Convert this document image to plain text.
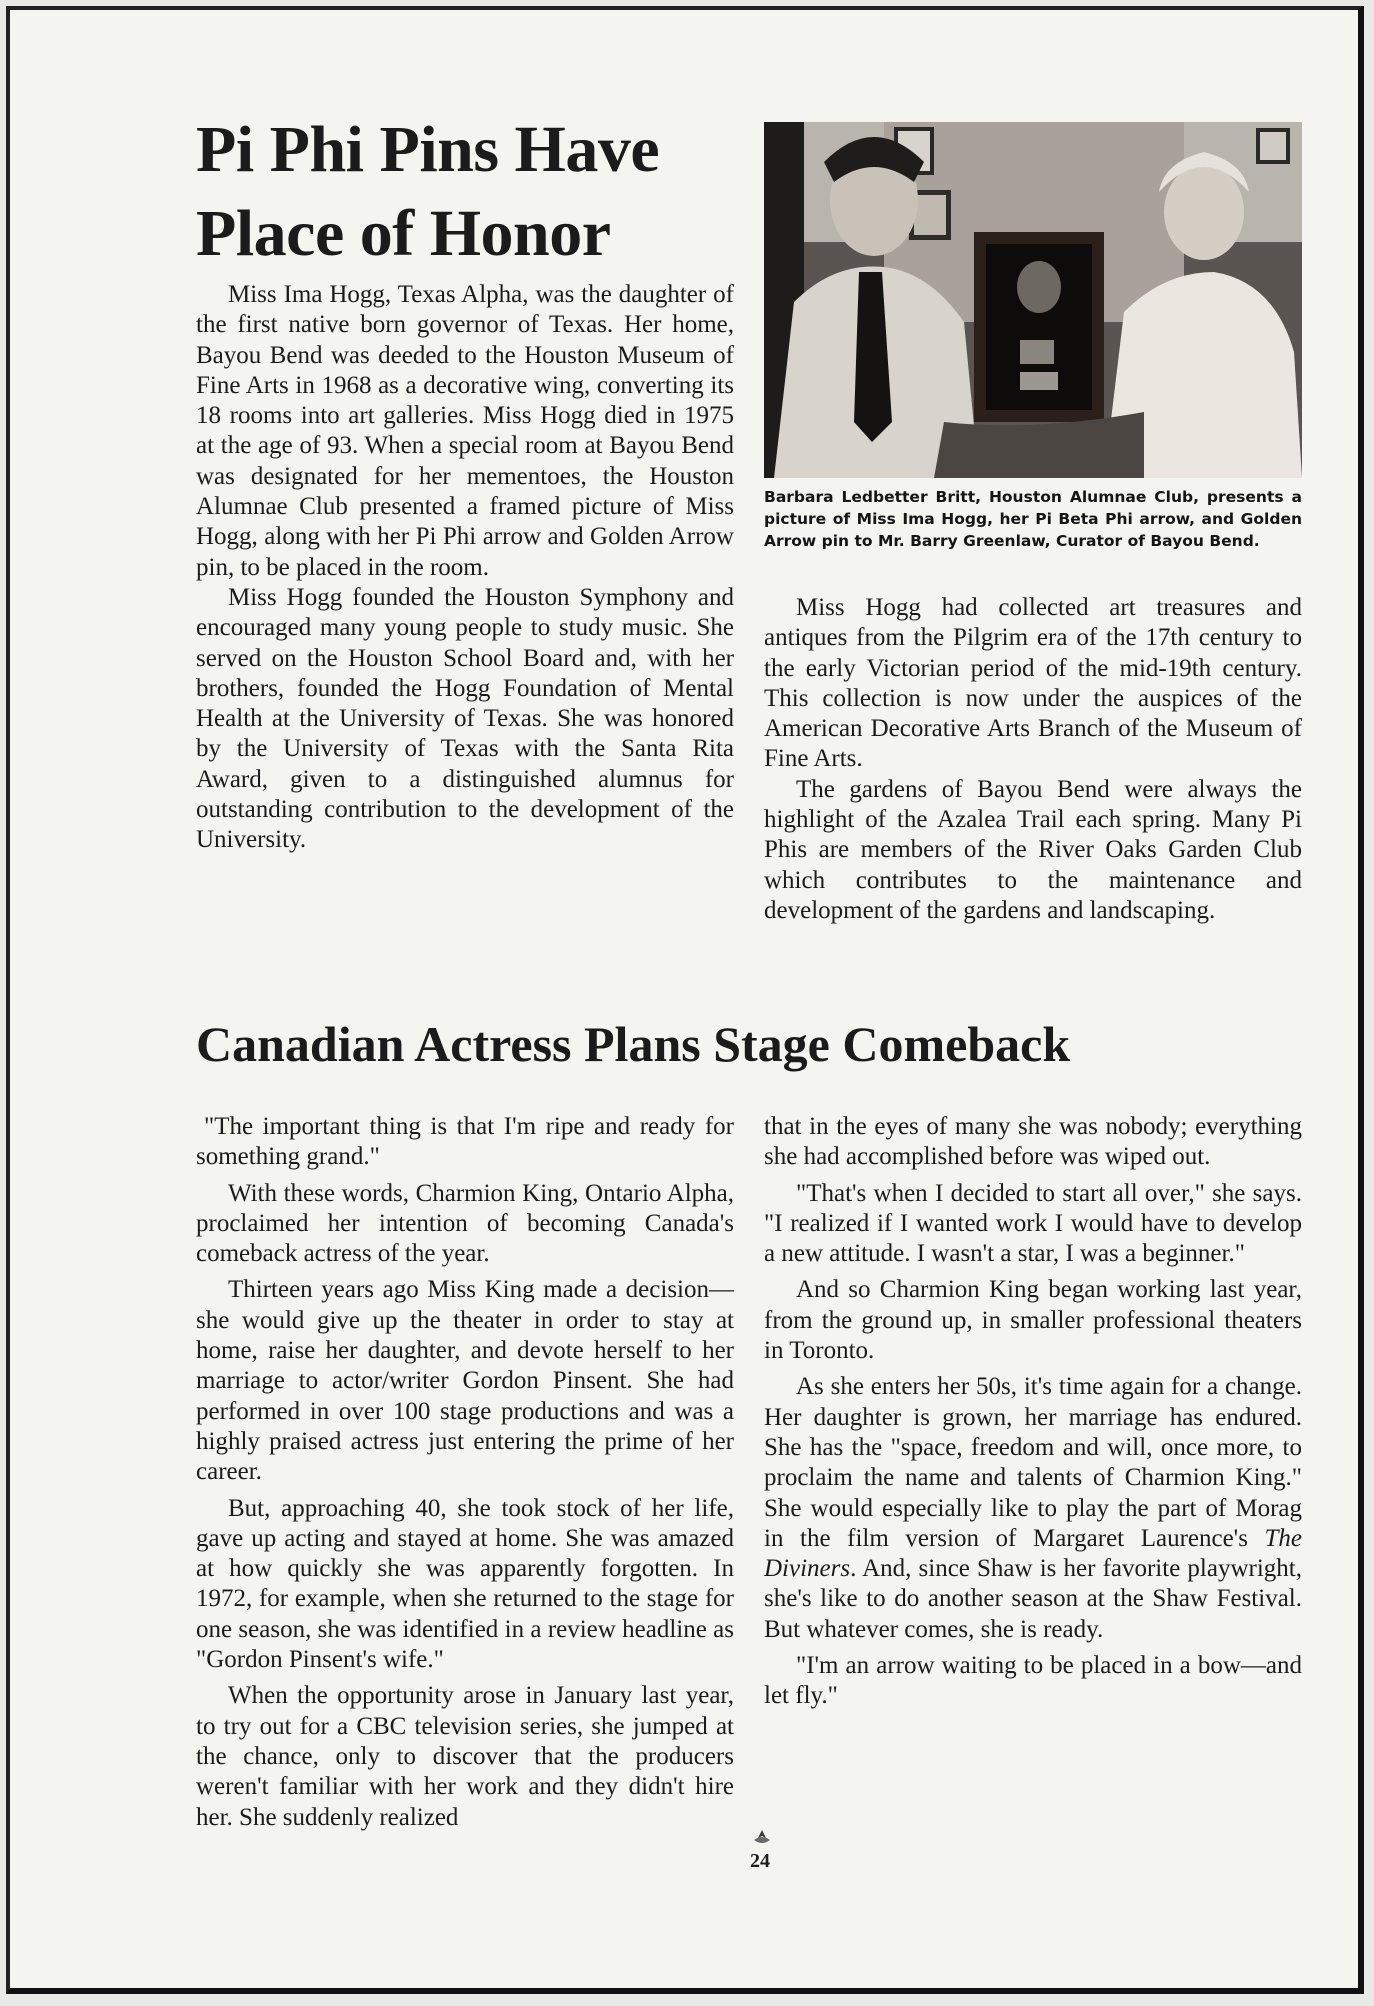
Pi Phi Pins Have Place of Honor

Miss Ima Hogg, Texas Alpha, was the daughter of the first native born governor of Texas. Her home, Bayou Bend was deeded to the Houston Museum of Fine Arts in 1968 as a decorative wing, converting its 18 rooms into art galleries. Miss Hogg died in 1975 at the age of 93. When a special room at Bayou Bend was designated for her mementoes, the Houston Alumnae Club presented a framed picture of Miss Hogg, along with her Pi Phi arrow and Golden Arrow pin, to be placed in the room.

Miss Hogg founded the Houston Symphony and encouraged many young people to study music. She served on the Houston School Board and, with her brothers, founded the Hogg Foundation of Mental Health at the University of Texas. She was honored by the University of Texas with the Santa Rita Award, given to a distinguished alumnus for outstanding contribution to the development of the University.

Barbara Ledbetter Britt, Houston Alumnae Club, presents a picture of Miss Ima Hogg, her Pi Beta Phi arrow, and Golden Arrow pin to Mr. Barry Greenlaw, Curator of Bayou Bend.

Miss Hogg had collected art treasures and antiques from the Pilgrim era of the 17th century to the early Victorian period of the mid-19th century. This collection is now under the auspices of the American Decorative Arts Branch of the Museum of Fine Arts.

The gardens of Bayou Bend were always the highlight of the Azalea Trail each spring. Many Pi Phis are members of the River Oaks Garden Club which contributes to the maintenance and development of the gardens and landscaping.

Canadian Actress Plans Stage Comeback

"The important thing is that I'm ripe and ready for something grand."

With these words, Charmion King, Ontario Alpha, proclaimed her intention of becoming Canada's comeback actress of the year.

Thirteen years ago Miss King made a decision—she would give up the theater in order to stay at home, raise her daughter, and devote herself to her marriage to actor/writer Gordon Pinsent. She had performed in over 100 stage productions and was a highly praised actress just entering the prime of her career.

But, approaching 40, she took stock of her life, gave up acting and stayed at home. She was amazed at how quickly she was apparently forgotten. In 1972, for example, when she returned to the stage for one season, she was identified in a review headline as "Gordon Pinsent's wife."

When the opportunity arose in January last year, to try out for a CBC television series, she jumped at the chance, only to discover that the producers weren't familiar with her work and they didn't hire her. She suddenly realized

that in the eyes of many she was nobody; everything she had accomplished before was wiped out.

"That's when I decided to start all over," she says. "I realized if I wanted work I would have to develop a new attitude. I wasn't a star, I was a beginner."

And so Charmion King began working last year, from the ground up, in smaller professional theaters in Toronto.

As she enters her 50s, it's time again for a change. Her daughter is grown, her marriage has endured. She has the "space, freedom and will, once more, to proclaim the name and talents of Charmion King." She would especially like to play the part of Morag in the film version of Margaret Laurence's The Diviners. And, since Shaw is her favorite playwright, she's like to do another season at the Shaw Festival. But whatever comes, she is ready.

"I'm an arrow waiting to be placed in a bow—and let fly."

24
